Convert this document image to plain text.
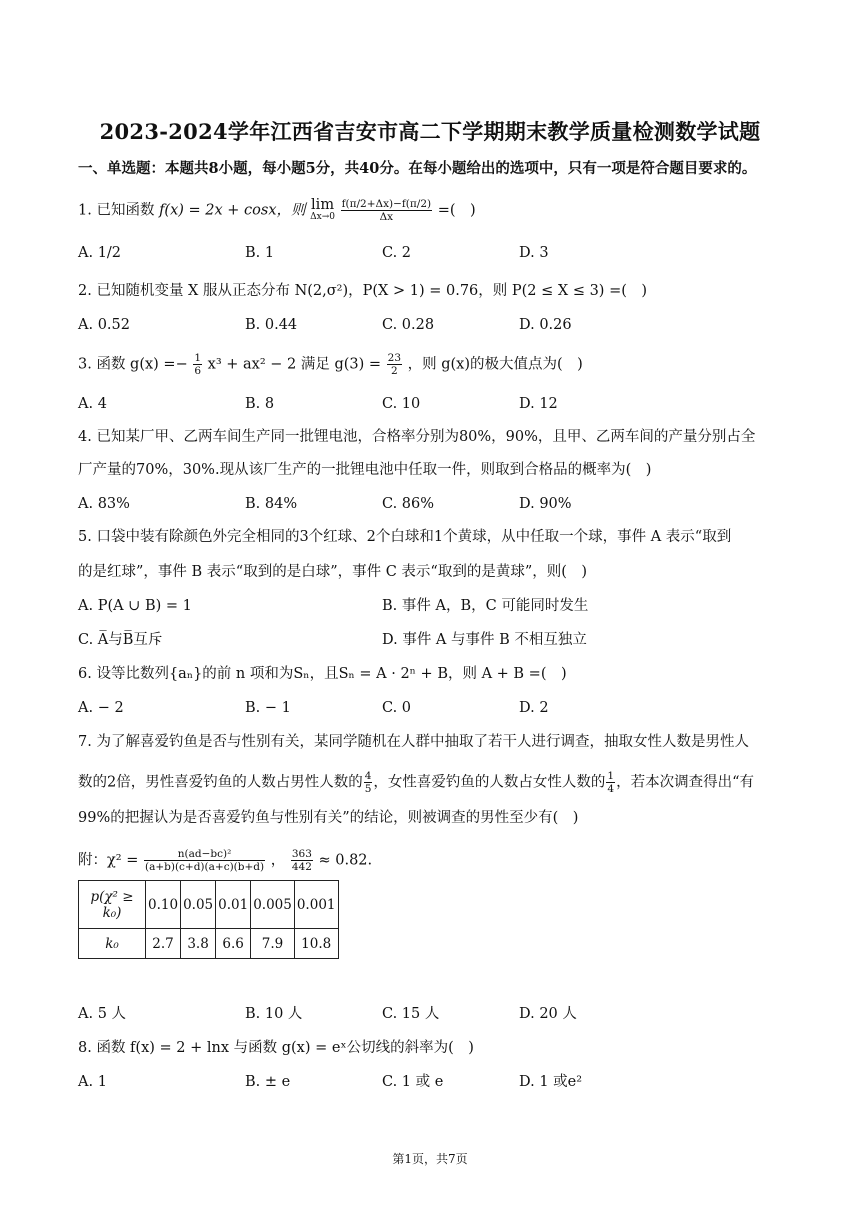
2023-2024学年江西省吉安市高二下学期期末教学质量检测数学试题
一、单选题：本题共8小题，每小题5分，共40分。在每小题给出的选项中，只有一项是符合题目要求的。
1. 已知函数 f(x) = 2x + cosx，则 lim
Δx→0
$\frac{f(\pi/2+\Delta x)-f(\pi/2)}{\Delta x}$ =(　)
A. 1/2	B. 1	C. 2	D. 3
2. 已知随机变量 X 服从正态分布 N(2,σ²)，P(X > 1) = 0.76，则 P(2 ≤ X ≤ 3) =(　)
A. 0.52	B. 0.44	C. 0.28	D. 0.26
3. 函数 $g(x) =- \frac{1}{6} x^3 + ax^2 - 2$ 满足 $g(3) = \frac{23}{2}$ ，则 g(x)的极大值点为(　)
A. 4	B. 8	C. 10	D. 12
4. 已知某厂甲、乙两车间生产同一批锂电池，合格率分别为80%，90%，且甲、乙两车间的产量分别占全
厂产量的70%，30%.现从该厂生产的一批锂电池中任取一件，则取到合格品的概率为(　)
A. 83%	B. 84%	C. 86%	D. 90%
5. 口袋中装有除颜色外完全相同的3个红球、2个白球和1个黄球，从中任取一个球，事件 A 表示“取到
的是红球”，事件 B 表示“取到的是白球”，事件 C 表示“取到的是黄球”，则(　)
A. P(A ∪ B) = 1	B. 事件 A，B，C 可能同时发生
C. A̅与B̅互斥	D. 事件 A 与事件 B 不相互独立
6. 设等比数列{aₙ}的前 n 项和为Sₙ，且Sₙ = A · 2ⁿ + B，则 A + B =(　)
A. − 2	B. − 1	C. 0	D. 2
7. 为了解喜爱钓鱼是否与性别有关，某同学随机在人群中抽取了若干人进行调查，抽取女性人数是男性人
数的2倍，男性喜爱钓鱼的人数占男性人数的 $\frac{4}{5}$ ，女性喜爱钓鱼的人数占女性人数的 $\frac{1}{4}$ ，若本次调查得出“有
99%的把握认为是否喜爱钓鱼与性别有关”的结论，则被调查的男性至少有(　)
附：$\chi^2 = \frac{\text{n(ad−bc)²}}{(a+b)(c+d)(a+c)(b+d)}$ ， $\frac{363}{442} \approx 0.82$.
p(χ² ≥ k₀)	0.10	0.05	0.01	0.005	0.001
k₀	2.7	3.8	6.6	7.9	10.8
A. 5 人	B. 10 人	C. 15 人	D. 20 人
8. 函数 f(x) = 2 + lnx 与函数 g(x) = eˣ公切线的斜率为(　)
A. 1	B. ± e	C. 1 或 e	D. 1 或e²
第1页，共7页
